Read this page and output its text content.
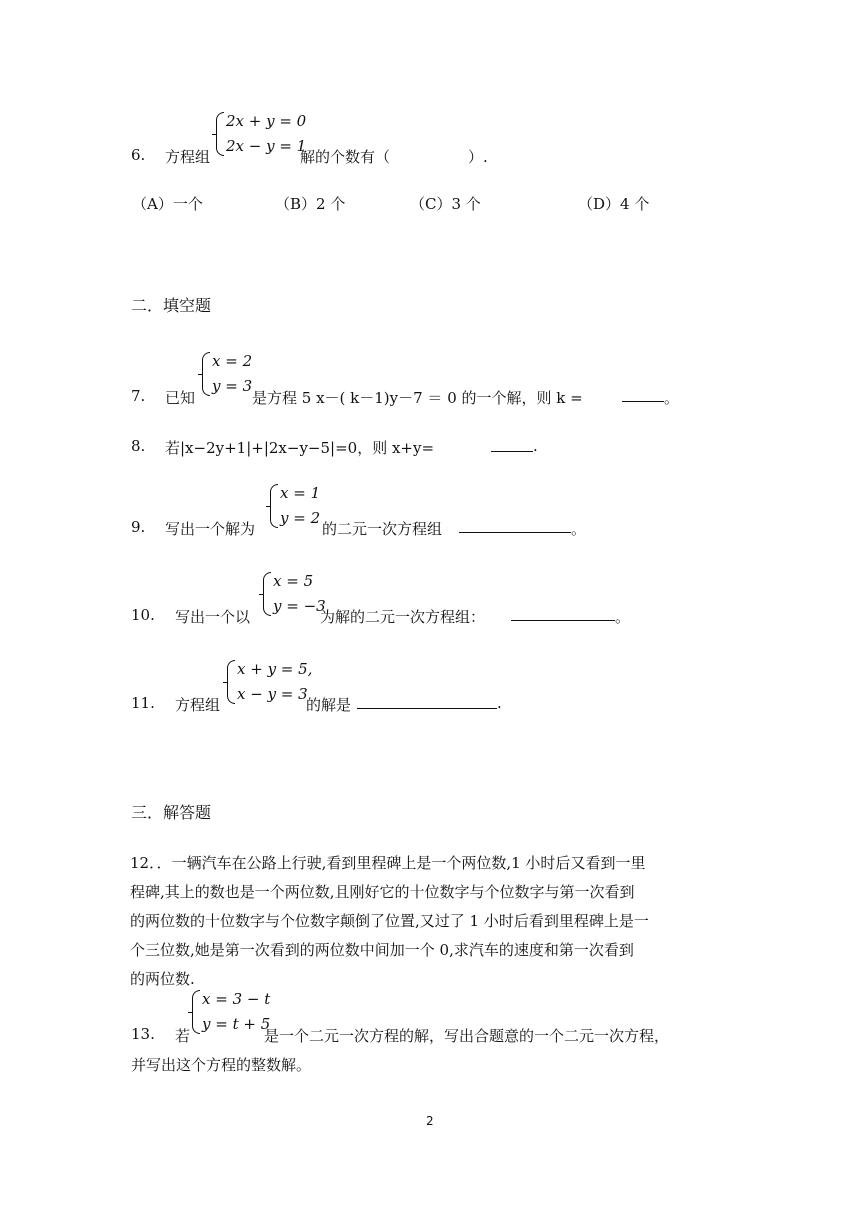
6. 方程组
2x + y = 0
2x − y = 1
解的个数有（	）.
（A）一个	（B）2 个	（C）3 个	（D）4 个
二．填空题
7. 已知
x = 2
y = 3
是方程 5 x－( k－1)y－7 ＝ 0 的一个解，则 k =	。
8. 若|x−2y+1|+|2x−y−5|=0，则 x+y=	.
9. 写出一个解为
x = 1
y = 2
的二元一次方程组	。
10. 写出一个以
x = 5
y = −3
为解的二元一次方程组：	。
11. 方程组
x + y = 5,
x − y = 3
的解是	.
三．解答题
12．．一辆汽车在公路上行驶,看到里程碑上是一个两位数,1 小时后又看到一里
程碑,其上的数也是一个两位数,且刚好它的十位数字与个位数字与第一次看到
的两位数的十位数字与个位数字颠倒了位置,又过了 1 小时后看到里程碑上是一
个三位数,她是第一次看到的两位数中间加一个 0,求汽车的速度和第一次看到
的两位数.
13. 若
x = 3 − t
y = t + 5
是一个二元一次方程的解，写出合题意的一个二元一次方程，
并写出这个方程的整数解。
2
